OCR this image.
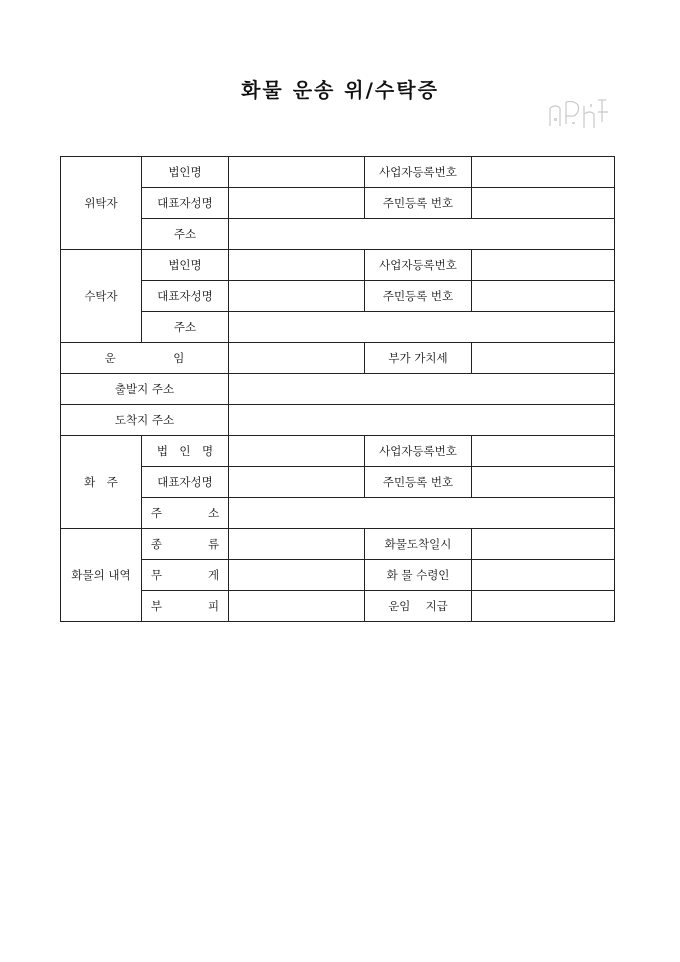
화물 운송 위/수탁증
위탁자	법인명		사업자등록번호	
	대표자성명		주민등록 번호	
	주소			
수탁자	법인명		사업자등록번호	
	대표자성명		주민등록 번호	
	주소			
운　　　　　임			부가 가치세	
출발지 주소				
도착지 주소				
화　주	법　인　명		사업자등록번호	
	대표자성명		주민등록 번호	
	주　　　　소			
화물의 내역	종　　　　류		화물도착일시	
	무　　　　게		화 물 수령인	
	부　　　　피		운임　 지급	
